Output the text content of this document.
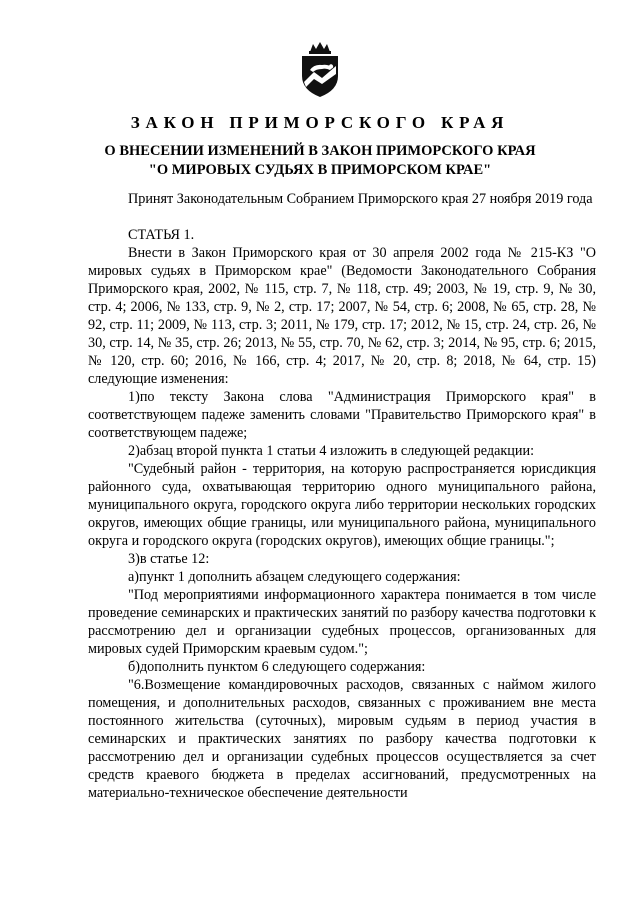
ЗАКОН ПРИМОРСКОГО КРАЯ
О ВНЕСЕНИИ ИЗМЕНЕНИЙ В ЗАКОН ПРИМОРСКОГО КРАЯ
"О МИРОВЫХ СУДЬЯХ В ПРИМОРСКОМ КРАЕ"

Принят Законодательным Собранием Приморского края 27 ноября 2019 года

СТАТЬЯ 1.

Внести в Закон Приморского края от 30 апреля 2002 года № 215-КЗ "О мировых судьях в Приморском крае" (Ведомости Законодательного Собрания Приморского края, 2002, № 115, стр. 7, № 118, стр. 49; 2003, № 19, стр. 9, № 30, стр. 4; 2006, № 133, стр. 9, № 2, стр. 17; 2007, № 54, стр. 6; 2008, № 65, стр. 28, № 92, стр. 11; 2009, № 113, стр. 3; 2011, № 179, стр. 17; 2012, № 15, стр. 24, стр. 26, № 30, стр. 14, № 35, стр. 26; 2013, № 55, стр. 70, № 62, стр. 3; 2014, № 95, стр. 6; 2015, № 120, стр. 60; 2016, № 166, стр. 4; 2017, № 20, стр. 8; 2018, № 64, стр. 15) следующие изменения:

1)по тексту Закона слова "Администрация Приморского края" в соответствующем падеже заменить словами "Правительство Приморского края" в соответствующем падеже;

2)абзац второй пункта 1 статьи 4 изложить в следующей редакции:

"Судебный район - территория, на которую распространяется юрисдикция районного суда, охватывающая территорию одного муниципального района, муниципального округа, городского округа либо территории нескольких городских округов, имеющих общие границы, или муниципального района, муниципального округа и городского округа (городских округов), имеющих общие границы.";

3)в статье 12:

а)пункт 1 дополнить абзацем следующего содержания:

"Под мероприятиями информационного характера понимается в том числе проведение семинарских и практических занятий по разбору качества подготовки к рассмотрению дел и организации судебных процессов, организованных для мировых судей Приморским краевым судом.";

б)дополнить пунктом 6 следующего содержания:

"6.Возмещение командировочных расходов, связанных с наймом жилого помещения, и дополнительных расходов, связанных с проживанием вне места постоянного жительства (суточных), мировым судьям в период участия в семинарских и практических занятиях по разбору качества подготовки к рассмотрению дел и организации судебных процессов осуществляется за счет средств краевого бюджета в пределах ассигнований, предусмотренных на материально-техническое обеспечение деятельности
